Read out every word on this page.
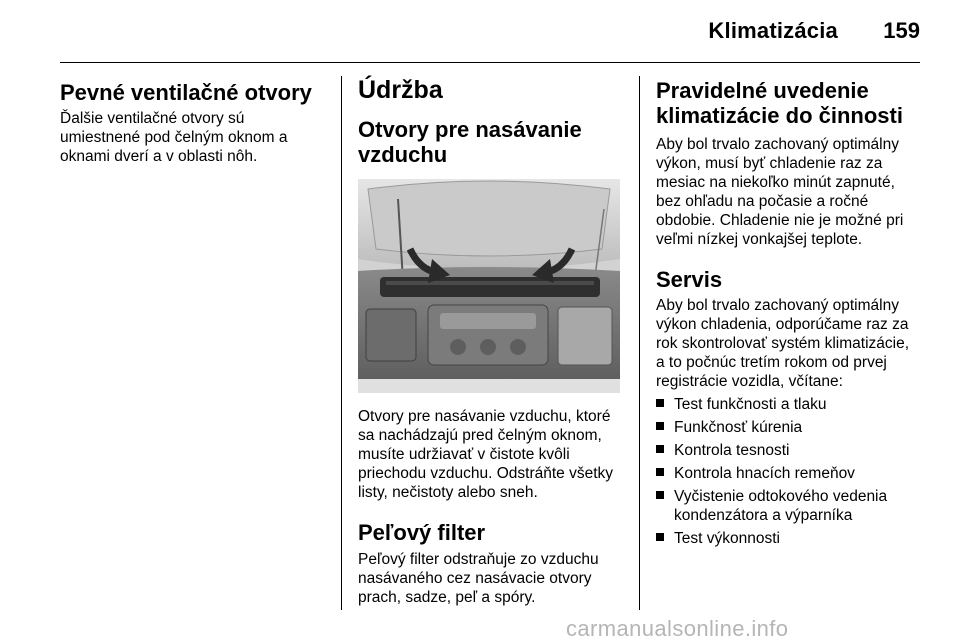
Klimatizácia 159
Pevné ventilačné otvory

Ďalšie ventilačné otvory sú

umiestnené pod čelným oknom a

oknami dverí a v oblasti nôh.

Údržba
Otvory pre nasávanie
vzduchu

Otvory pre nasávanie vzduchu, ktoré

sa nachádzajú pred čelným oknom,

musíte udržiavať v čistote kvôli

priechodu vzduchu. Odstráňte všetky

listy, nečistoty alebo sneh.

Peľový filter

Peľový filter odstraňuje zo vzduchu

nasávaného cez nasávacie otvory

prach, sadze, peľ a spóry.

Pravidelné uvedenie
klimatizácie do činnosti

Aby bol trvalo zachovaný optimálny

výkon, musí byť chladenie raz za

mesiac na niekoľko minút zapnuté,

bez ohľadu na počasie a ročné

obdobie. Chladenie nie je možné pri

veľmi nízkej vonkajšej teplote.

Servis

Aby bol trvalo zachovaný optimálny

výkon chladenia, odporúčame raz za

rok skontrolovať systém klimatizácie,

a to počnúc tretím rokom od prvej

registrácie vozidla, včítane:

Test funkčnosti a tlaku
Funkčnosť kúrenia
Kontrola tesnosti
Kontrola hnacích remeňov
Vyčistenie odtokového vedenia
kondenzátora a výparníka
Test výkonnosti
carmanualsonline.info
